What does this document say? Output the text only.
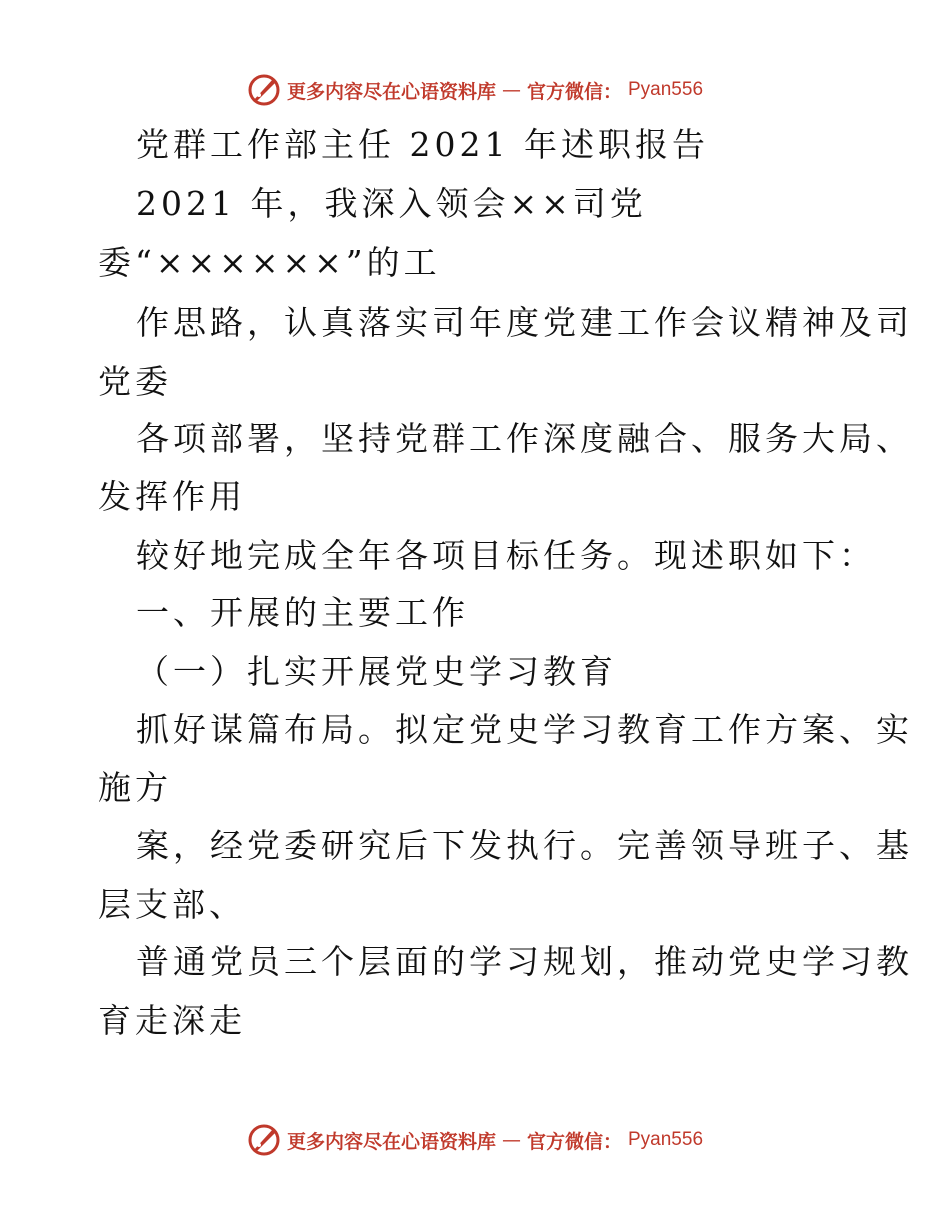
更多内容尽在心语资料库 — 官方微信： Pyan556
党群工作部主任 2021 年述职报告
2021 年，我深入领会××司党
委“××××××”的工
作思路，认真落实司年度党建工作会议精神及司
党委
各项部署，坚持党群工作深度融合、服务大局、
发挥作用
较好地完成全年各项目标任务。现述职如下：
一、开展的主要工作
（一）扎实开展党史学习教育
抓好谋篇布局。拟定党史学习教育工作方案、实
施方
案，经党委研究后下发执行。完善领导班子、基
层支部、
普通党员三个层面的学习规划，推动党史学习教
育走深走
更多内容尽在心语资料库 — 官方微信： Pyan556
